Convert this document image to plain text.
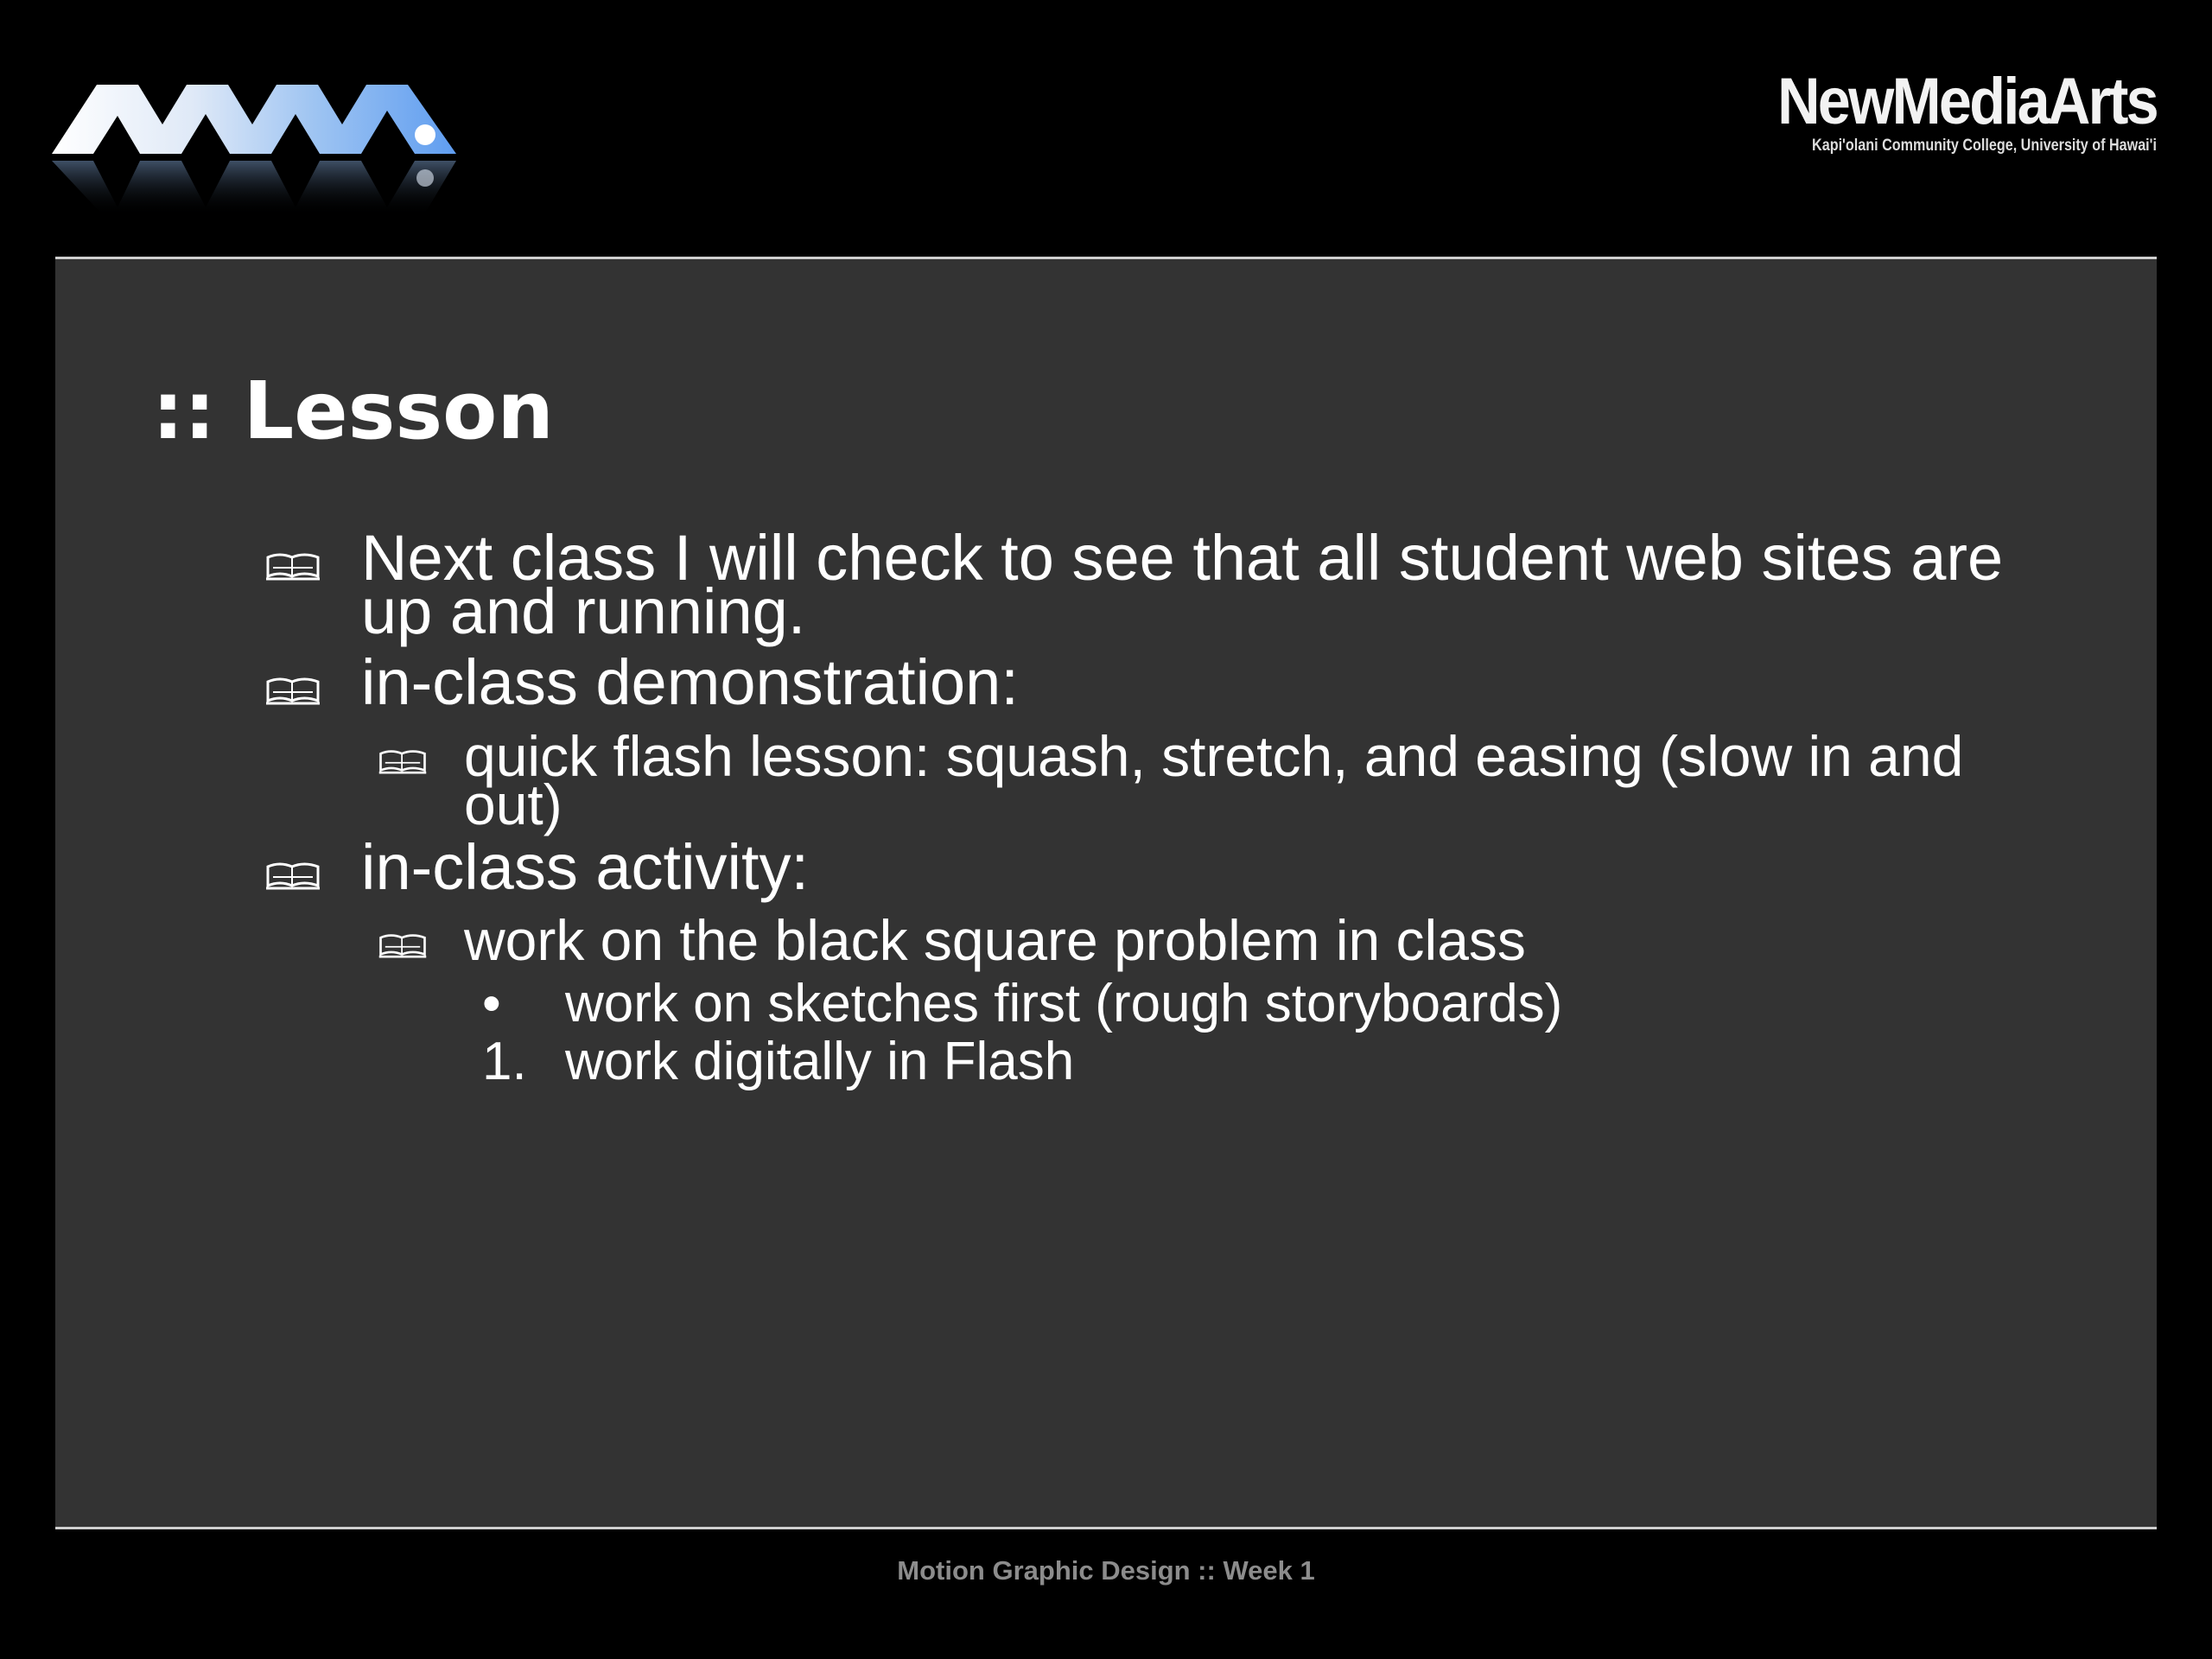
NewMediaArts
Kapi'olani Community College, University of Hawai'i
:: Lesson
Next class I will check to see that all student web sites are up and running.
in-class demonstration:
quick flash lesson: squash, stretch, and easing (slow in and out)
in-class activity:
work on the black square problem in class
•	work on sketches first (rough storyboards)
1. work digitally in Flash
Motion Graphic Design :: Week 1
